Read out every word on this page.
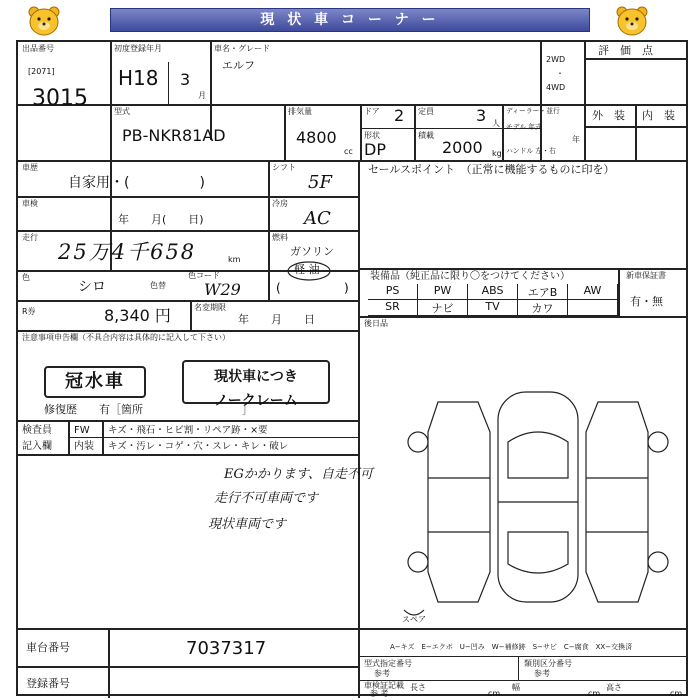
現 状 車 コ ー ナ ー
出品番号
[2071]
3015
初度登録年月
H18 3
月
車名・グレード
エルフ	2WD
・
4WD
評　価　点
外　装 内　装
型式
PB-NKR81AD
排気量
4800
cc
ドア 2 定員	3 人
ディーラー・並行
モデル 年式
年
形状
DP
積載
2000 kg ハンドル 左・右
車歴
自家用・(　　　　　)
シフト
5F
車検
年　　月(　　日)
冷房
AC
走行
25万4千658	km
燃料
ガソリン
軽 油
(	)
色
シロ	色替
色コード
W29
R券	8,340 円	名変期限
年　　月　　日
注意事項申告欄（不具合内容は具体的に記入して下さい）
冠水車	現状車につき
ノークレーム
修復歴　　有［箇所　　　　　　　　　］
検査員
記入欄
FW キズ・飛石・ヒビ割・リペア跡・×要
内装 キズ・汚レ・コゲ・穴・スレ・キレ・破レ
EGかかります、自走不可
走行不可車両です
現状車両です
セールスポイント　（正常に機能するものに印を）
装備品（純正品に限り〇をつけてください）	新車保証書
有・無
PS	PW	ABS	エアB	AW
SR	ナビ	TV	カワ
後日品
スペア
車台番号	7037317
登録番号
A−キズ　E−エクボ　U−凹み　W−補修跡　S−サビ　C−腐食　XX−交換済
型式指定番号
参考
類別区分番号
参考
車検証記載
参 考
長さ
cm
幅
cm
高さ
cm
